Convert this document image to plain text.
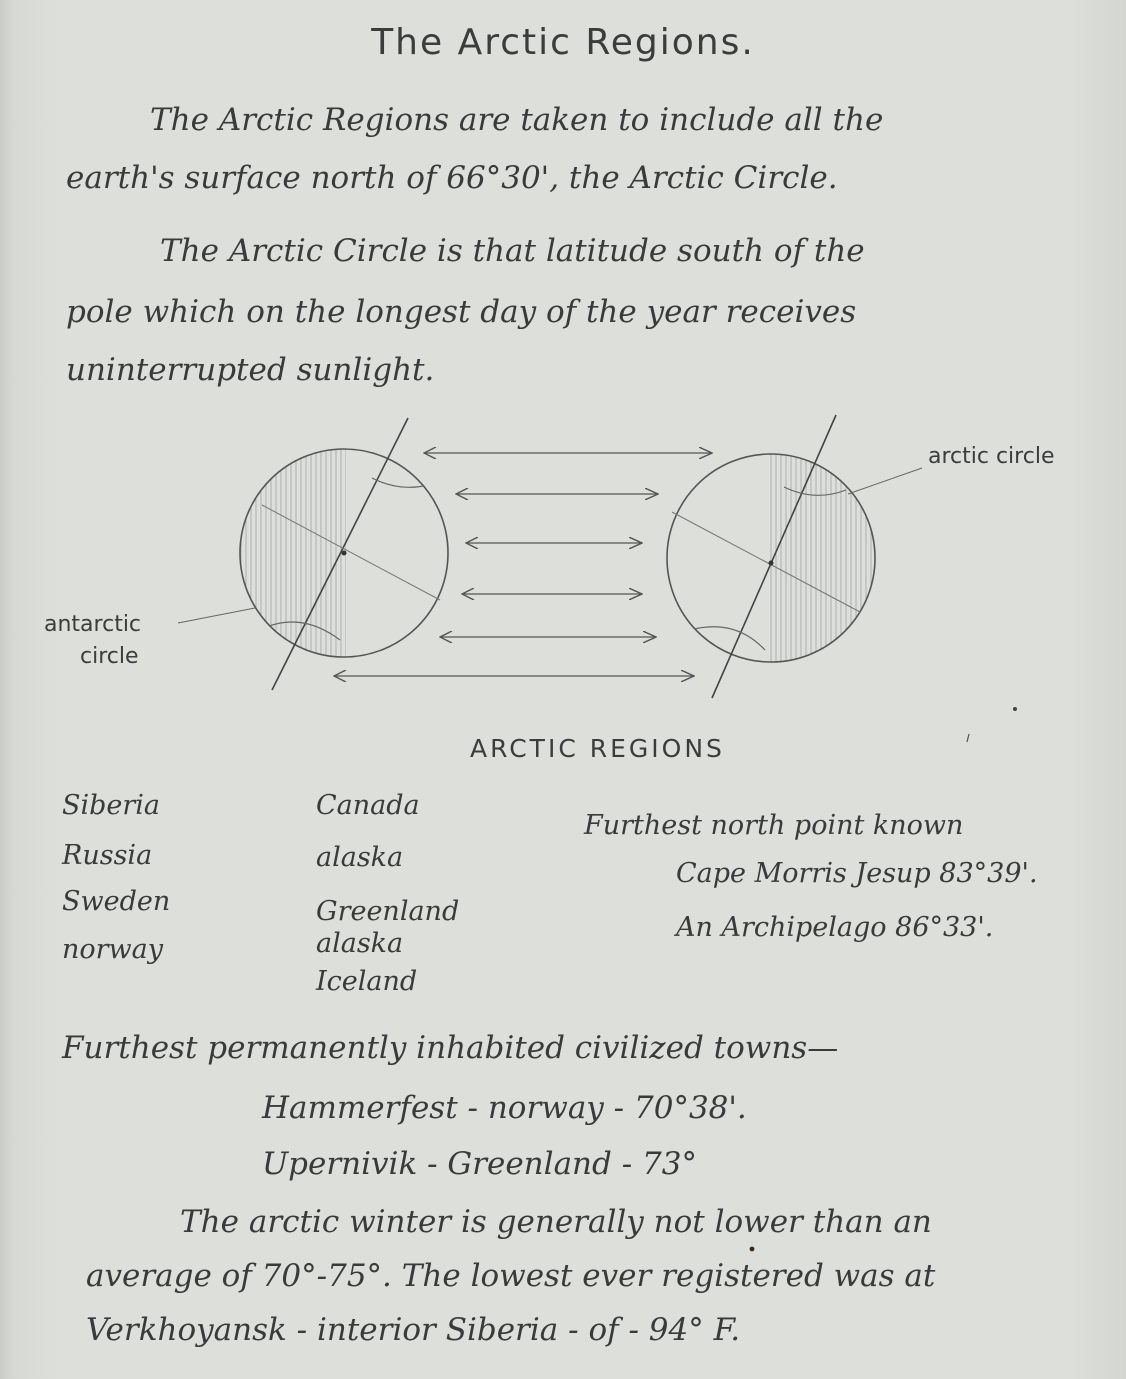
The Arctic Regions.
The Arctic Regions are taken to include all the
earth's surface north of 66°30', the Arctic Circle.
The Arctic Circle is that latitude south of the
pole which on the longest day of the year receives
uninterrupted sunlight.
arctic circle
antarctic
circle
ARCTIC REGIONS
Siberia
Russia
Sweden
norway
Canada
alaska
Greenland
alaska
Iceland
Furthest north point known
Cape Morris Jesup 83°39'.
An Archipelago 86°33'.
Furthest permanently inhabited civilized towns—
Hammerfest - norway - 70°38'.
Upernivik - Greenland - 73°
The arctic winter is generally not lower than an
average of 70°-75°. The lowest ever registered was at
Verkhoyansk - interior Siberia - of - 94° F.
